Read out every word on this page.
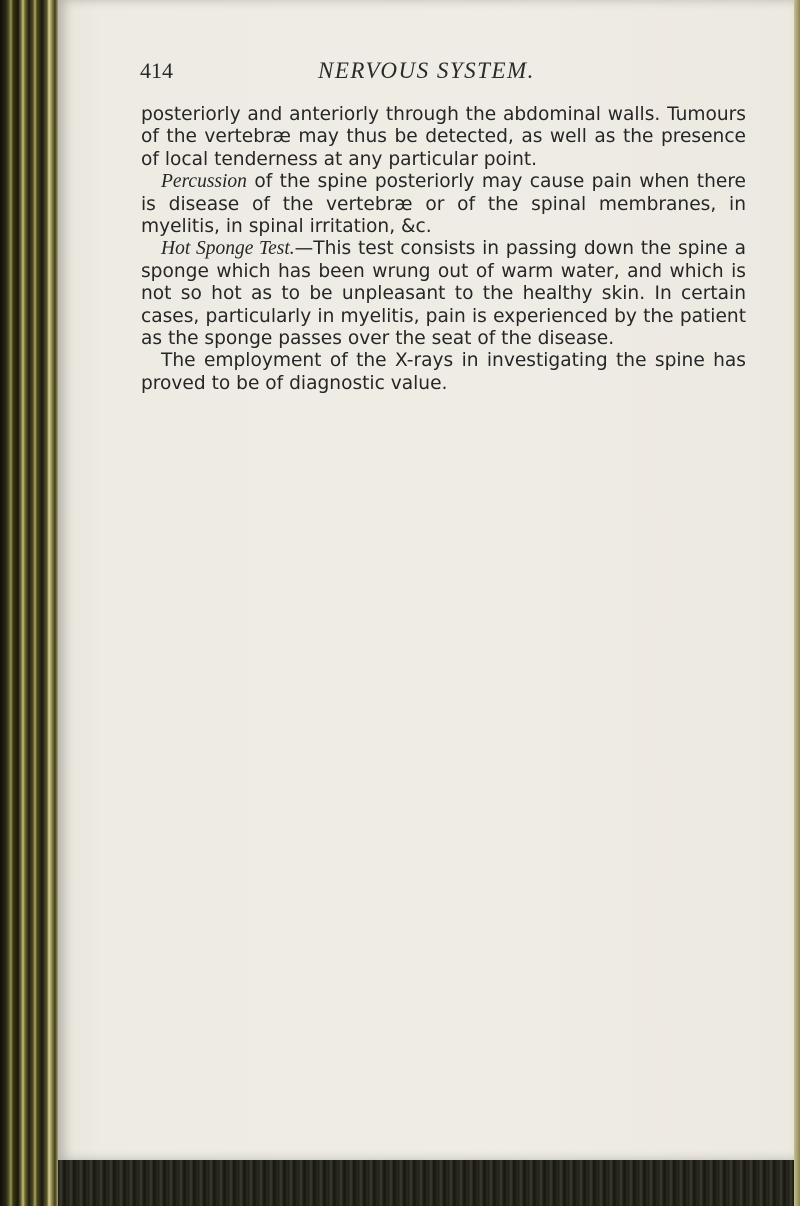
414	NERVOUS SYSTEM.

posteriorly and anteriorly through the abdominal walls. Tumours of the vertebræ may thus be detected, as well as the presence of local tenderness at any particular point.

Percussion of the spine posteriorly may cause pain when there is disease of the vertebræ or of the spinal membranes, in myelitis, in spinal irritation, &c.

Hot Sponge Test.—This test consists in passing down the spine a sponge which has been wrung out of warm water, and which is not so hot as to be unpleasant to the healthy skin. In certain cases, particularly in myelitis, pain is experienced by the patient as the sponge passes over the seat of the disease.

The employment of the X-rays in investigating the spine has proved to be of diagnostic value.
